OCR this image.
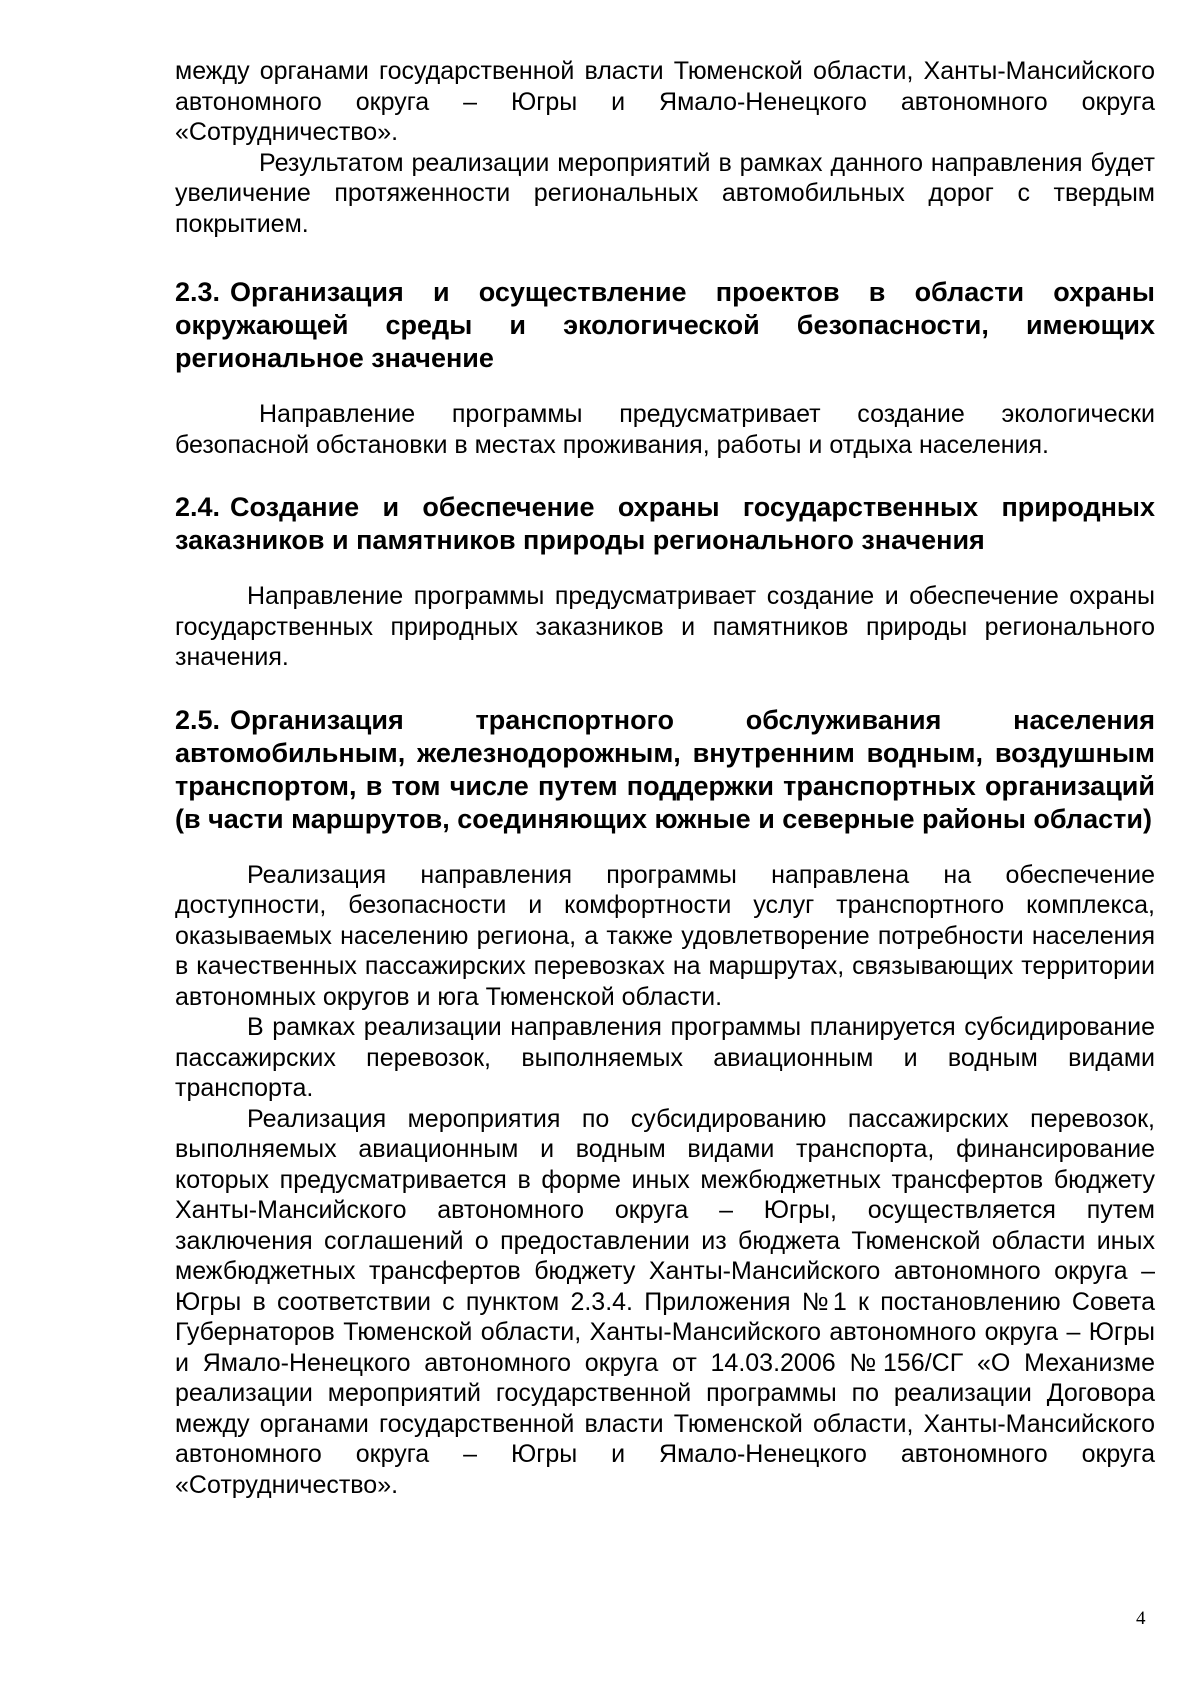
между органами государственной власти Тюменской области, Ханты-Мансийского автономного округа – Югры и Ямало-Ненецкого автономного округа «Сотрудничество».

Результатом реализации мероприятий в рамках данного направления будет увеличение протяженности региональных автомобильных дорог с твердым покрытием.

2.3. Организация и осуществление проектов в области охраны окружающей среды и экологической безопасности, имеющих региональное значение

Направление программы предусматривает создание экологически безопасной обстановки в местах проживания, работы и отдыха населения.

2.4. Создание и обеспечение охраны государственных природных заказников и памятников природы регионального значения

Направление программы предусматривает создание и обеспечение охраны государственных природных заказников и памятников природы регионального значения.

2.5. Организация транспортного обслуживания населения автомобильным, железнодорожным, внутренним водным, воздушным транспортом, в том числе путем поддержки транспортных организаций (в части маршрутов, соединяющих южные и северные районы области)

Реализация направления программы направлена на обеспечение доступности, безопасности и комфортности услуг транспортного комплекса, оказываемых населению региона, а также удовлетворение потребности населения в качественных пассажирских перевозках на маршрутах, связывающих территории автономных округов и юга Тюменской области.

В рамках реализации направления программы планируется субсидирование пассажирских перевозок, выполняемых авиационным и водным видами транспорта.

Реализация мероприятия по субсидированию пассажирских перевозок, выполняемых авиационным и водным видами транспорта, финансирование которых предусматривается в форме иных межбюджетных трансфертов бюджету Ханты-Мансийского автономного округа – Югры, осуществляется путем заключения соглашений о предоставлении из бюджета Тюменской области иных межбюджетных трансфертов бюджету Ханты-Мансийского автономного округа – Югры в соответствии с пунктом 2.3.4. Приложения №1 к постановлению Совета Губернаторов Тюменской области, Ханты-Мансийского автономного округа – Югры и Ямало-Ненецкого автономного округа от 14.03.2006 №156/СГ «О Механизме реализации мероприятий государственной программы по реализации Договора между органами государственной власти Тюменской области, Ханты-Мансийского автономного округа – Югры и Ямало-Ненецкого автономного округа «Сотрудничество».

4
